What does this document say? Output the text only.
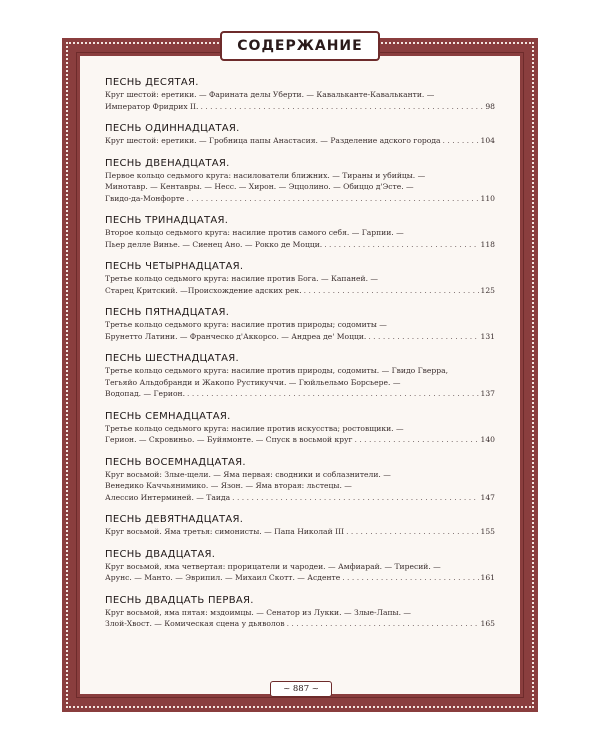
СОДЕРЖАНИЕ
ПЕСНЬ ДЕСЯТАЯ.
Круг шестой: еретики. — Фарината делы Уберти. — Кавальканте-Кавальканти. —
Император Фридрих II. . . .	98
ПЕСНЬ ОДИННАДЦАТАЯ.
Круг шестой: еретики. — Гробница папы Анастасия. — Разделение адского города . . .	104
ПЕСНЬ ДВЕНАДЦАТАЯ.
Первое кольцо седьмого круга: насилователи ближних. — Тираны и убийцы. —
Минотавр. — Кентавры. — Несс. — Хирон. — Эццолино. — Обиццо д'Эсте. —
Гвидо-да-Монфорте . . .	110
ПЕСНЬ ТРИНАДЦАТАЯ.
Второе кольцо седьмого круга: насилие против самого себя. — Гарпии. —
Пьер делле Винье. — Сиенец Ано. — Рокко де Моцци. . . .	118
ПЕСНЬ ЧЕТЫРНАДЦАТАЯ.
Третье кольцо седьмого круга: насилие против Бога. — Капаней. —
Старец Критский. —Происхождение адских рек. . . .	125
ПЕСНЬ ПЯТНАДЦАТАЯ.
Третье кольцо седьмого круга: насилие против природы; содомиты —
Брунетто Латини. — Франческо д'Аккорсо. — Андреа де' Моцци. . . .	131
ПЕСНЬ ШЕСТНАДЦАТАЯ.
Третье кольцо седьмого круга: насилие против природы, содомиты. — Гвидо Гверра,
Тегьяйо Альдобранди и Жакопо Рустикуччи. — Гюйльельмо Борсьере. —
Водопад. — Герион. . . .	137
ПЕСНЬ СЕМНАДЦАТАЯ.
Третье кольцо седьмого круга: насилие против искусства; ростовщики. —
Герион. — Скровиньо. — Буйямонте. — Спуск в восьмой круг . . .	140
ПЕСНЬ ВОСЕМНАДЦАТАЯ.
Круг восьмой: Злые-щели. — Яма первая: сводники и соблазнители. —
Венедико Каччьянимико. — Язон. — Яма вторая: льстецы. —
Алессио Интерминей. — Таида . . .	147
ПЕСНЬ ДЕВЯТНАДЦАТАЯ.
Круг восьмой. Яма третья: симонисты. — Папа Николай III . . .	155
ПЕСНЬ ДВАДЦАТАЯ.
Круг восьмой, яма четвертая: прорицатели и чародеи. — Амфиарай. — Тиресий. —
Арунс. — Манто. — Эврипил. — Михаил Скотт. — Асденте . . .	161
ПЕСНЬ ДВАДЦАТЬ ПЕРВАЯ.
Круг восьмой, яма пятая: мздоимцы. — Сенатор из Лукки. — Злые-Лапы. —
Злой-Хвост. — Комическая сцена у дьяволов . . .	165
~ 887 ~
